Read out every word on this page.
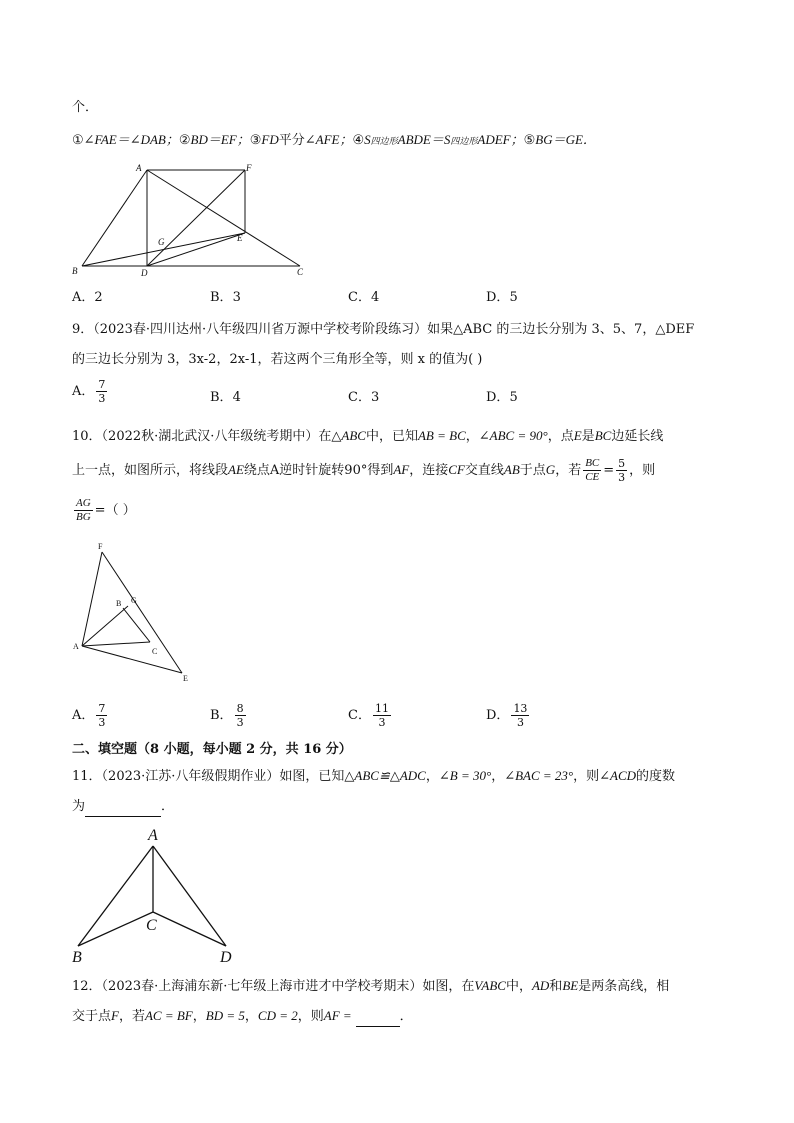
个．
①∠FAE＝∠DAB；②BD＝EF；③FD平分∠AFE；④S四边形ABDE＝S四边形ADEF；⑤BG＝GE．
A	F
G	E
B	D	C
A．2	B．3	C．4	D．5
9．（2023春·四川达州·八年级四川省万源中学校考阶段练习）如果△ABC 的三边长分别为 3、5、7，△DEF
的三边长分别为 3，3x-2，2x-1，若这两个三角形全等，则 x 的值为( )
A． $\frac{7}{3}$	B．4	C．3	D．5
10．（2022秋·湖北武汉·八年级统考期中）在△ABC中，已知AB = BC，∠ABC = 90°，点E是BC边延长线
上一点，如图所示，将线段AE绕点A逆时针旋转90°得到AF，连接CF交直线AB于点G，若 $\frac{BC}{CE} = \frac{5}{3}$ ，则
$\frac{AG}{BG}$ =（ ）
F
B G
A
C
E
A． $\frac{7}{3}$	B． $\frac{8}{3}$	C． $\frac{11}{3}$	D． $\frac{13}{3}$
二、填空题（8 小题，每小题 2 分，共 16 分）
11．（2023·江苏·八年级假期作业）如图，已知△ABC≌△ADC，∠B = 30°，∠BAC = 23°，则∠ACD的度数
为	．
A
B
C
D
12．（2023春·上海浦东新·七年级上海市进才中学校考期末）如图，在VABC中，AD和BE是两条高线，相
交于点F，若AC = BF，BD = 5，CD = 2，则AF =	．
